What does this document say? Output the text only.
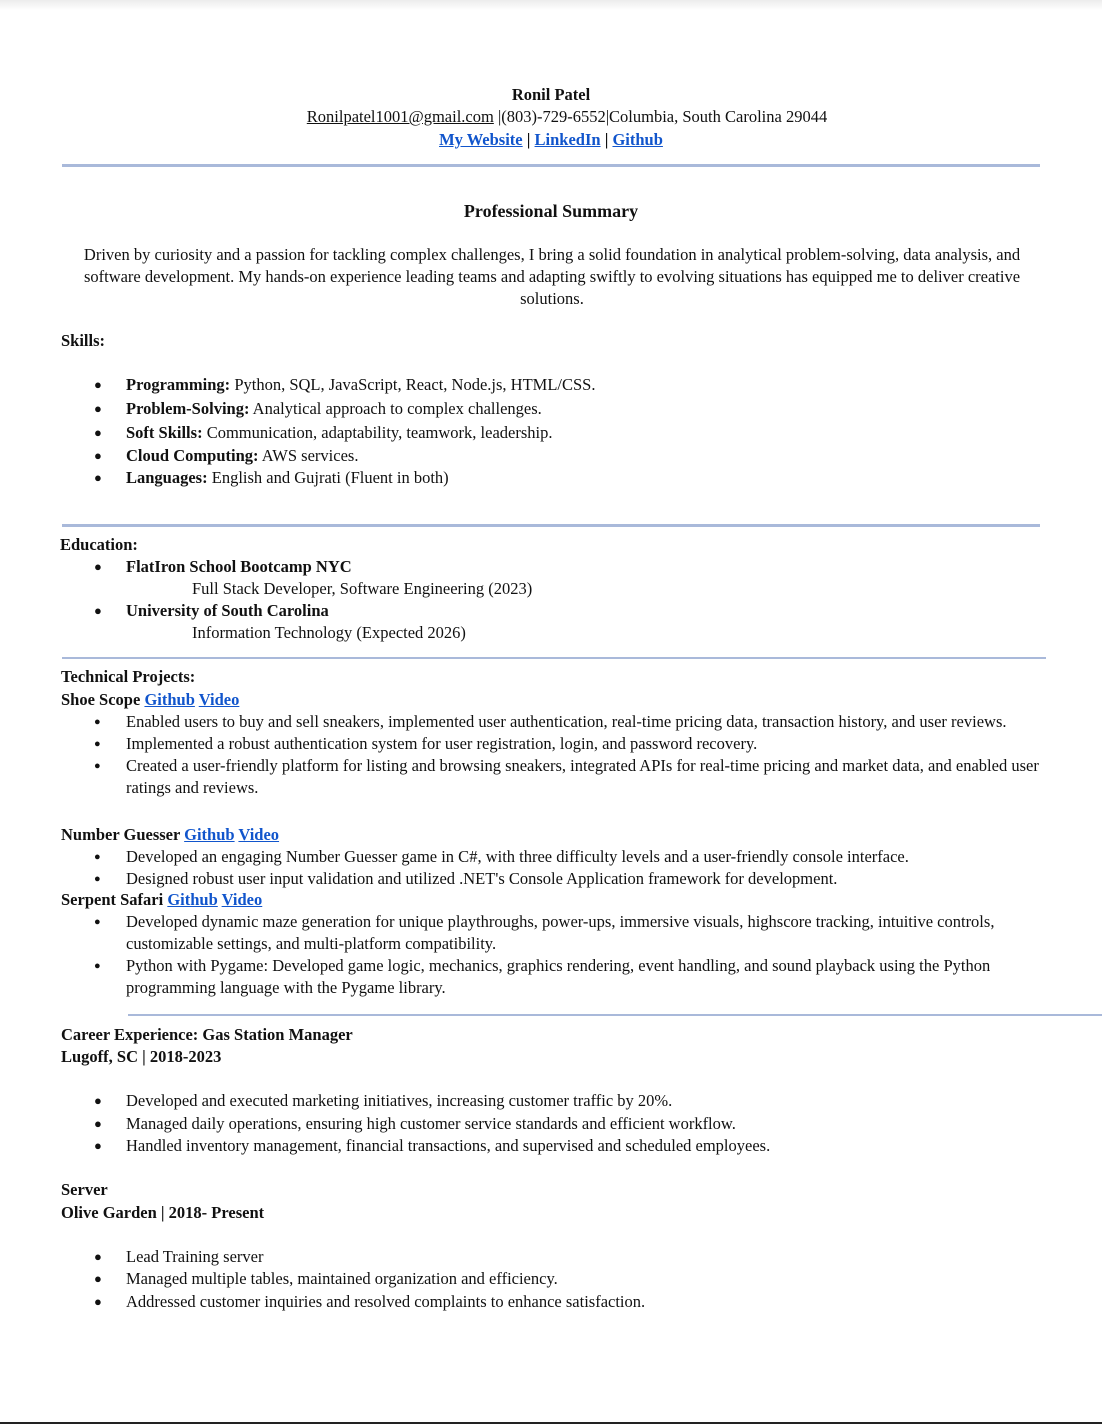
Ronil Patel
Ronilpatel1001@gmail.com |(803)-729-6552|Columbia, South Carolina 29044
My Website | LinkedIn | Github
Professional Summary
Driven by curiosity and a passion for tackling complex challenges, I bring a solid foundation in analytical problem-solving, data analysis, and software development. My hands-on experience leading teams and adapting swiftly to evolving situations has equipped me to deliver creative solutions.
Skills:
● Programming: Python, SQL, JavaScript, React, Node.js, HTML/CSS.
● Problem-Solving: Analytical approach to complex challenges.
● Soft Skills: Communication, adaptability, teamwork, leadership.
● Cloud Computing: AWS services.
● Languages: English and Gujrati (Fluent in both)
Education:
● FlatIron School Bootcamp NYC
Full Stack Developer, Software Engineering (2023)
● University of South Carolina
Information Technology (Expected 2026)
Technical Projects:
Shoe Scope Github Video
● Enabled users to buy and sell sneakers, implemented user authentication, real-time pricing data, transaction history, and user reviews.
● Implemented a robust authentication system for user registration, login, and password recovery.
● Created a user-friendly platform for listing and browsing sneakers, integrated APIs for real-time pricing and market data, and enabled user ratings and reviews.
Number Guesser Github Video
● Developed an engaging Number Guesser game in C#, with three difficulty levels and a user-friendly console interface.
● Designed robust user input validation and utilized .NET's Console Application framework for development.
Serpent Safari Github Video
● Developed dynamic maze generation for unique playthroughs, power-ups, immersive visuals, highscore tracking, intuitive controls, customizable settings, and multi-platform compatibility.
● Python with Pygame: Developed game logic, mechanics, graphics rendering, event handling, and sound playback using the Python programming language with the Pygame library.
Career Experience: Gas Station Manager
Lugoff, SC | 2018-2023
● Developed and executed marketing initiatives, increasing customer traffic by 20%.
● Managed daily operations, ensuring high customer service standards and efficient workflow.
● Handled inventory management, financial transactions, and supervised and scheduled employees.
Server
Olive Garden | 2018- Present
● Lead Training server
● Managed multiple tables, maintained organization and efficiency.
● Addressed customer inquiries and resolved complaints to enhance satisfaction.
